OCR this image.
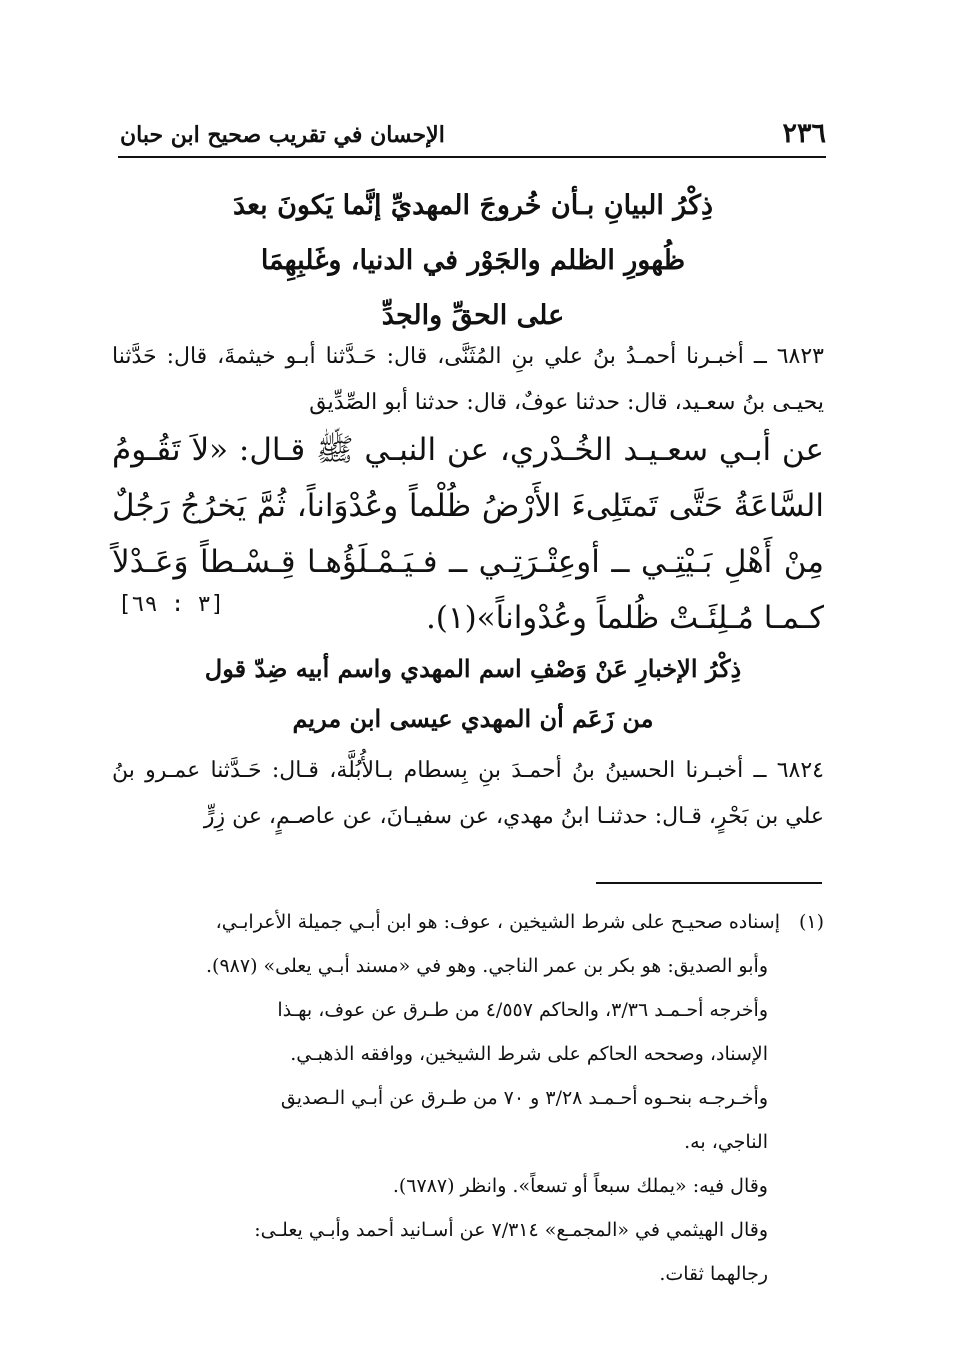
٢٣٦
الإحسان في تقريب صحيح ابن حبان
ذِكْرُ البيانِ بـأن خُروجَ المهديِّ إنَّما يَكونَ بعدَ
ظُهورِ الظلم والجَوْر في الدنيا، وغَلبِهِمَا
على الحقِّ والجدِّ
٦٨٢٣ ــ أخبـرنا أحمـدُ بنُ علي بنِ المُثَنَّى، قال: حَـدَّثنا أبـو خيثمةَ، قال: حَدَّثنا يحيـى بنُ سعـيد، قال: حدثنا عوفٌ، قال: حدثنا أبو الصِّدِّيق
عن أبـي سعـيـد الخُـدْري، عن النبـي ﷺ قـال: «لاَ تَقُـومُ السَّاعَةُ حَتَّى تَمتَلِىءَ الأَرْضُ ظُلْماً وعُدْوَاناً، ثُمَّ يَخرُجُ رَجُلٌ مِنْ أَهْلِ بَـيْتِـي ــ أوعِتْـرَتِـي ــ فـيَـمْـلَؤُهـا قِـسْـطاً وَعَـدْلاً كـمـا مُـلِئَـتْ ظُلماً وعُدْواناً»(١).
[٣ : ٦٩]
ذِكْرُ الإخبارِ عَنْ وَصْفِ اسم المهدي واسم أبيه ضِدّ قول
من زَعَم أن المهدي عيسى ابن مريم
٦٨٢٤ ــ أخبـرنا الحسينُ بنُ أحمـدَ بنِ بِسطام بـالأُبُلَّة، قـال: حَـدَّثنا عمـرو بنُ علي بن بَحْرٍ، قـال: حدثنـا ابنُ مهدي، عن سفيـانَ، عن عاصـمٍ، عن زِرٍّ
(١)إسناده صحيـح على شرط الشيخين ، عوف: هو ابن أبـي جميلة الأعرابـي،
وأبو الصديق: هو بكر بن عمر الناجي. وهو في «مسند أبـي يعلى» (٩٨٧).
وأخرجه أحـمـد ٣/٣٦، والحاكم ٤/٥٥٧ من طـرق عن عوف، بهـذا
الإسناد، وصححه الحاكم على شرط الشيخين، ووافقه الذهبـي.
وأخـرجـه بنحـوه أحـمـد ٣/٢٨ و ٧٠ من طـرق عن أبـي الـصديق
الناجي، به.
وقال فيه: «يملك سبعاً أو تسعاً». وانظر (٦٧٨٧).
وقال الهيثمي في «المجمـع» ٧/٣١٤ عن أسـانيد أحمد وأبـي يعلـى:
رجالهما ثقات.
